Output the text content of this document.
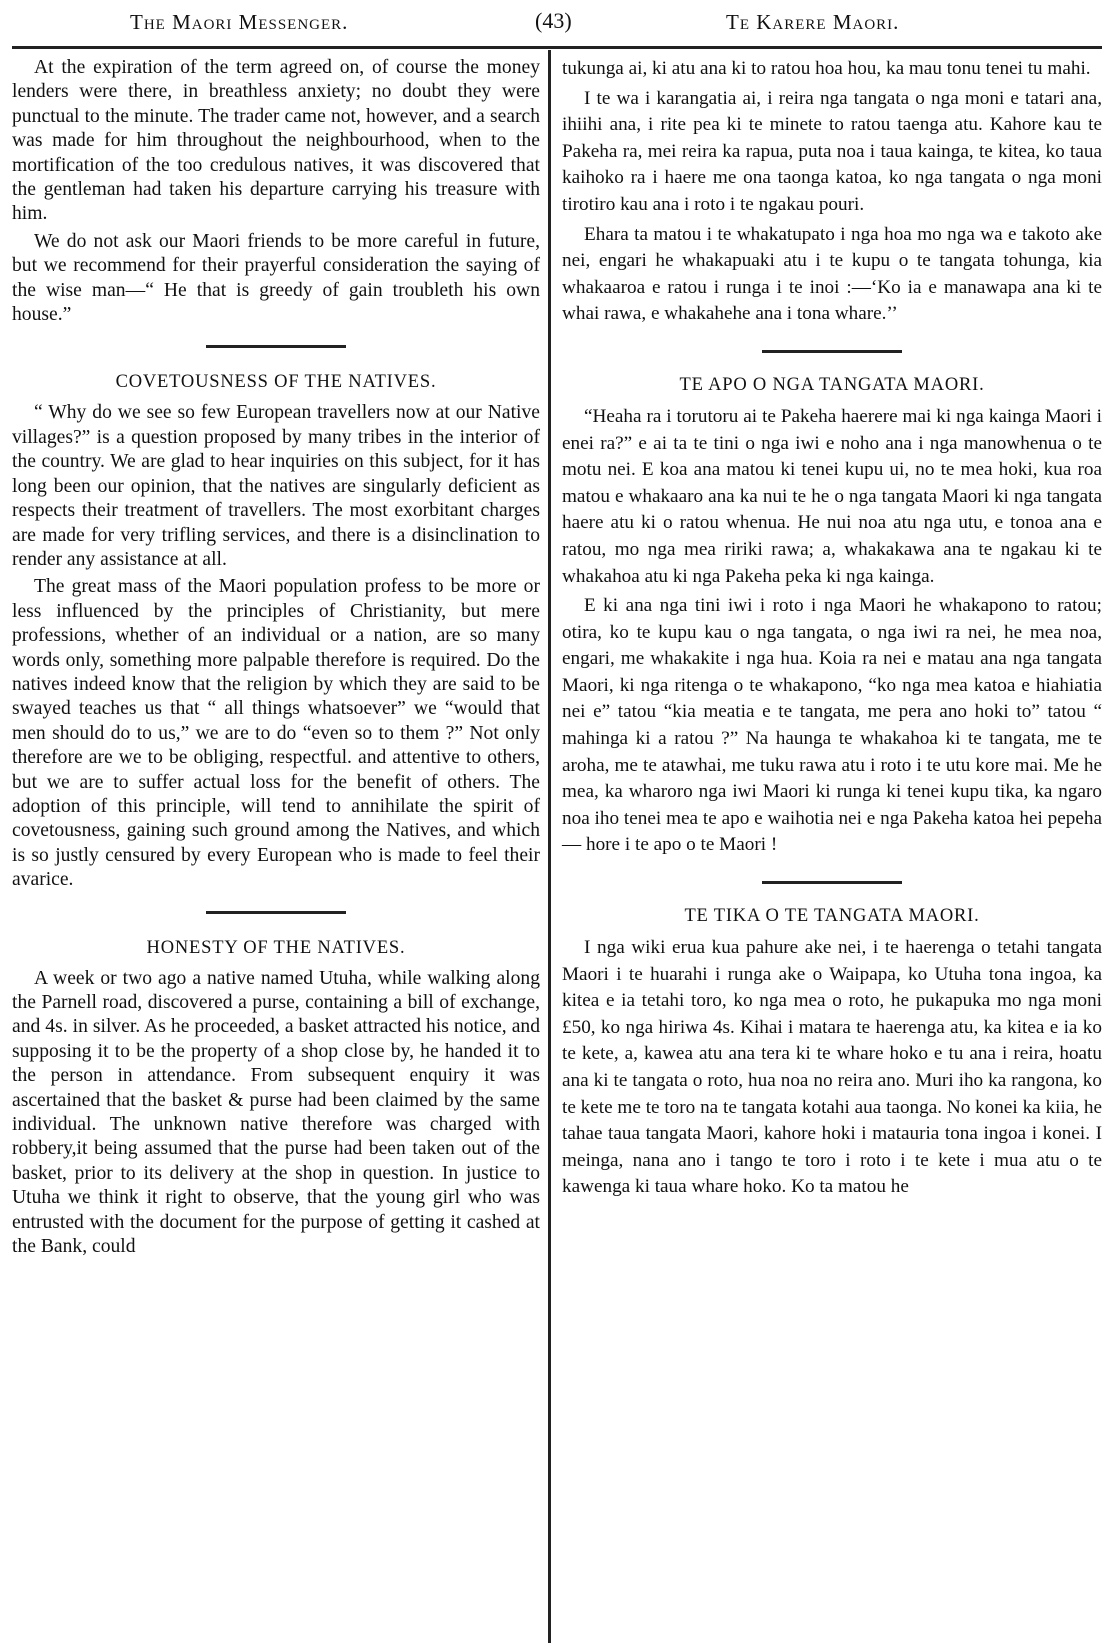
The Maori Messenger.	(43)	Te Karere Maori.

At the expiration of the term agreed on, of course the money lenders were there, in breathless anxiety; no doubt they were punctual to the minute. The trader came not, however, and a search was made for him throughout the neighbourhood, when to the mortification of the too credulous natives, it was discovered that the gentleman had taken his departure carrying his treasure with him.

We do not ask our Maori friends to be more careful in future, but we recommend for their prayerful consideration the saying of the wise man—“ He that is greedy of gain troubleth his own house.”

COVETOUSNESS OF THE NATIVES.

“ Why do we see so few European travellers now at our Native villages?” is a question proposed by many tribes in the interior of the country. We are glad to hear inquiries on this subject, for it has long been our opinion, that the natives are singularly deficient as respects their treatment of travellers. The most exorbitant charges are made for very trifling services, and there is a disinclination to render any assistance at all.

The great mass of the Maori population profess to be more or less influenced by the principles of Christianity, but mere professions, whether of an individual or a nation, are so many words only, something more palpable therefore is required. Do the natives indeed know that the religion by which they are said to be swayed teaches us that “ all things whatsoever” we “would that men should do to us,” we are to do “even so to them ?” Not only therefore are we to be obliging, respectful. and attentive to others, but we are to suffer actual loss for the benefit of others. The adoption of this principle, will tend to annihilate the spirit of covetousness, gaining such ground among the Natives, and which is so justly censured by every European who is made to feel their avarice.

HONESTY OF THE NATIVES.

A week or two ago a native named Utuha, while walking along the Parnell road, discovered a purse, containing a bill of exchange, and 4s. in silver. As he proceeded, a basket attracted his notice, and supposing it to be the property of a shop close by, he handed it to the person in attendance. From subsequent enquiry it was ascertained that the basket & purse had been claimed by the same individual. The unknown native therefore was charged with robbery,it being assumed that the purse had been taken out of the basket, prior to its delivery at the shop in question. In justice to Utuha we think it right to observe, that the young girl who was entrusted with the document for the purpose of getting it cashed at the Bank, could

tukunga ai, ki atu ana ki to ratou hoa hou, ka mau tonu tenei tu mahi.

I te wa i karangatia ai, i reira nga tangata o nga moni e tatari ana, ihiihi ana, i rite pea ki te minete to ratou taenga atu. Kahore kau te Pakeha ra, mei reira ka rapua, puta noa i taua kainga, te kitea, ko taua kaihoko ra i haere me ona taonga katoa, ko nga tangata o nga moni tirotiro kau ana i roto i te ngakau pouri.

Ehara ta matou i te whakatupato i nga hoa mo nga wa e takoto ake nei, engari he whakapuaki atu i te kupu o te tangata tohunga, kia whakaaroa e ratou i runga i te inoi :—‘Ko ia e manawapa ana ki te whai rawa, e whakahehe ana i tona whare.’’

TE APO O NGA TANGATA MAORI.

“Heaha ra i torutoru ai te Pakeha haerere mai ki nga kainga Maori i enei ra?” e ai ta te tini o nga iwi e noho ana i nga manowhenua o te motu nei. E koa ana matou ki tenei kupu ui, no te mea hoki, kua roa matou e whakaaro ana ka nui te he o nga tangata Maori ki nga tangata haere atu ki o ratou whenua. He nui noa atu nga utu, e tonoa ana e ratou, mo nga mea ririki rawa; a, whakakawa ana te ngakau ki te whakahoa atu ki nga Pakeha peka ki nga kainga.

E ki ana nga tini iwi i roto i nga Maori he whakapono to ratou; otira, ko te kupu kau o nga tangata, o nga iwi ra nei, he mea noa, engari, me whakakite i nga hua. Koia ra nei e matau ana nga tangata Maori, ki nga ritenga o te whakapono, “ko nga mea katoa e hiahiatia nei e” tatou “kia meatia e te tangata, me pera ano hoki to” tatou “ mahinga ki a ratou ?” Na haunga te whakahoa ki te tangata, me te aroha, me te atawhai, me tuku rawa atu i roto i te utu kore mai. Me he mea, ka wharoro nga iwi Maori ki runga ki tenei kupu tika, ka ngaro noa iho tenei mea te apo e waihotia nei e nga Pakeha katoa hei pepeha — hore i te apo o te Maori !

TE TIKA O TE TANGATA MAORI.

I nga wiki erua kua pahure ake nei, i te haerenga o tetahi tangata Maori i te huarahi i runga ake o Waipapa, ko Utuha tona ingoa, ka kitea e ia tetahi toro, ko nga mea o roto, he pukapuka mo nga moni £50, ko nga hiriwa 4s. Kihai i matara te haerenga atu, ka kitea e ia ko te kete, a, kawea atu ana tera ki te whare hoko e tu ana i reira, hoatu ana ki te tangata o roto, hua noa no reira ano. Muri iho ka rangona, ko te kete me te toro na te tangata kotahi aua taonga. No konei ka kiia, he tahae taua tangata Maori, kahore hoki i matauria tona ingoa i konei. I meinga, nana ano i tango te toro i roto i te kete i mua atu o te kawenga ki taua whare hoko. Ko ta matou he
